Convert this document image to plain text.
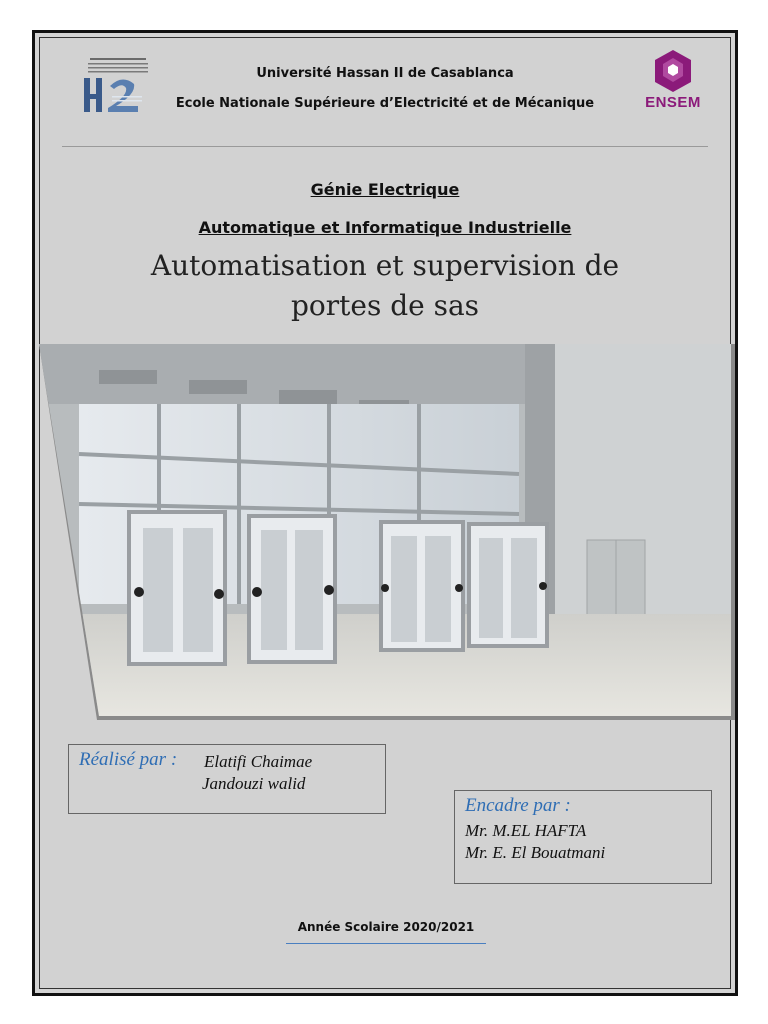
ENSEM
Université Hassan II de Casablanca
Ecole Nationale Supérieure d’Electricité et de Mécanique
Génie Electrique
Automatique et Informatique Industrielle
Automatisation et supervision de
portes de sas
Réalisé par : Elatifi Chaimae
Jandouzi walid
Encadre par :
Mr. M.EL HAFTA
Mr. E. El Bouatmani
Année Scolaire 2020/2021
